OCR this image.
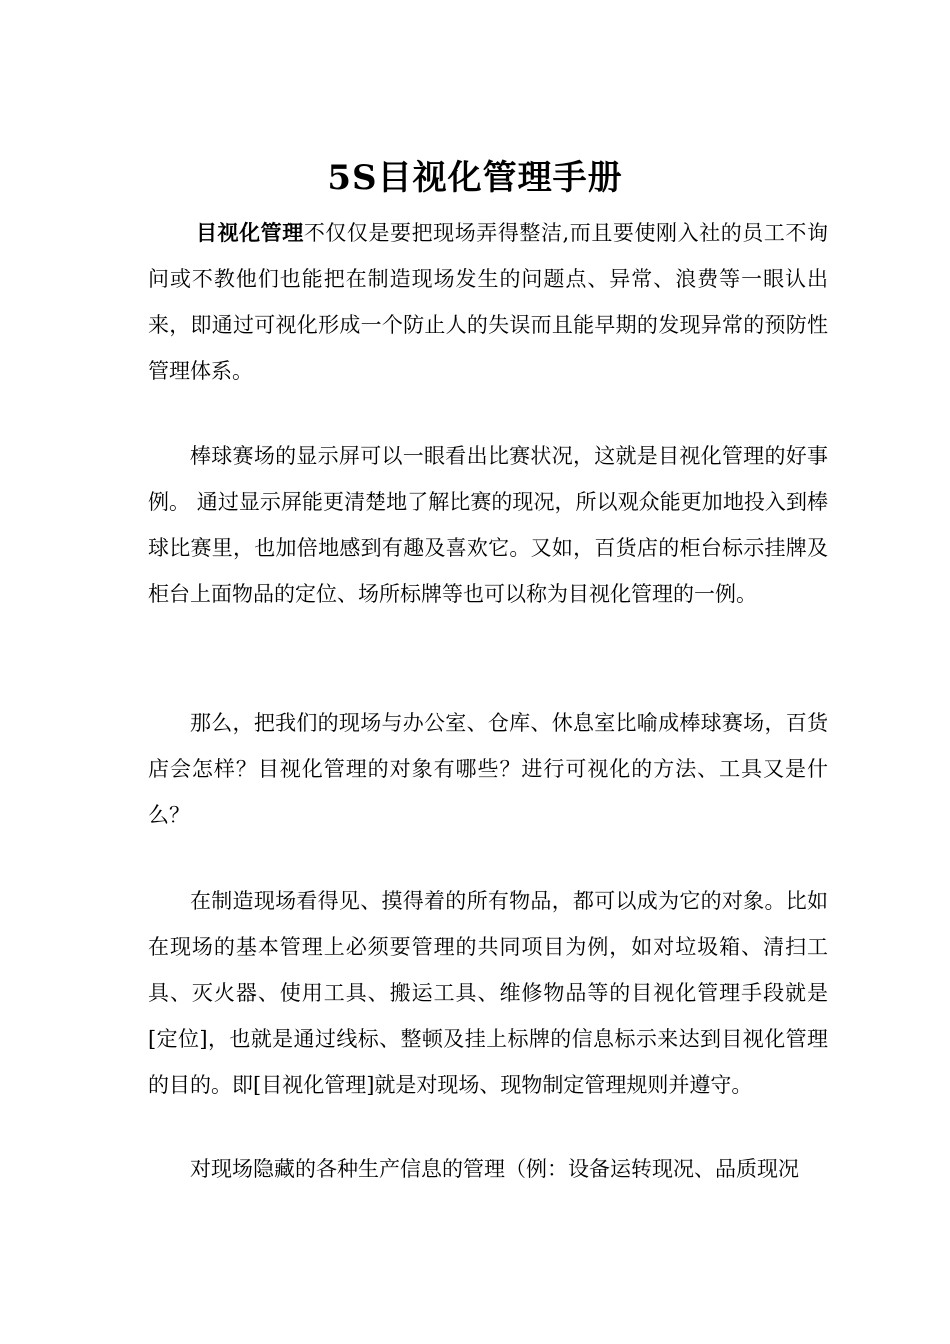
5S目视化管理手册

目视化管理不仅仅是要把现场弄得整洁,而且要使刚入社的员工不询问或不教他们也能把在制造现场发生的问题点、异常、浪费等一眼认出来，即通过可视化形成一个防止人的失误而且能早期的发现异常的预防性管理体系。

棒球赛场的显示屏可以一眼看出比赛状况，这就是目视化管理的好事例。 通过显示屏能更清楚地了解比赛的现况，所以观众能更加地投入到棒球比赛里，也加倍地感到有趣及喜欢它。又如，百货店的柜台标示挂牌及柜台上面物品的定位、场所标牌等也可以称为目视化管理的一例。

那么，把我们的现场与办公室、仓库、休息室比喻成棒球赛场，百货店会怎样？目视化管理的对象有哪些？进行可视化的方法、工具又是什么？

在制造现场看得见、摸得着的所有物品，都可以成为它的对象。比如在现场的基本管理上必须要管理的共同项目为例，如对垃圾箱、清扫工具、灭火器、使用工具、搬运工具、维修物品等的目视化管理手段就是[定位]，也就是通过线标、整顿及挂上标牌的信息标示来达到目视化管理的目的。即[目视化管理]就是对现场、现物制定管理规则并遵守。

对现场隐藏的各种生产信息的管理（例：设备运转现况、品质现况
